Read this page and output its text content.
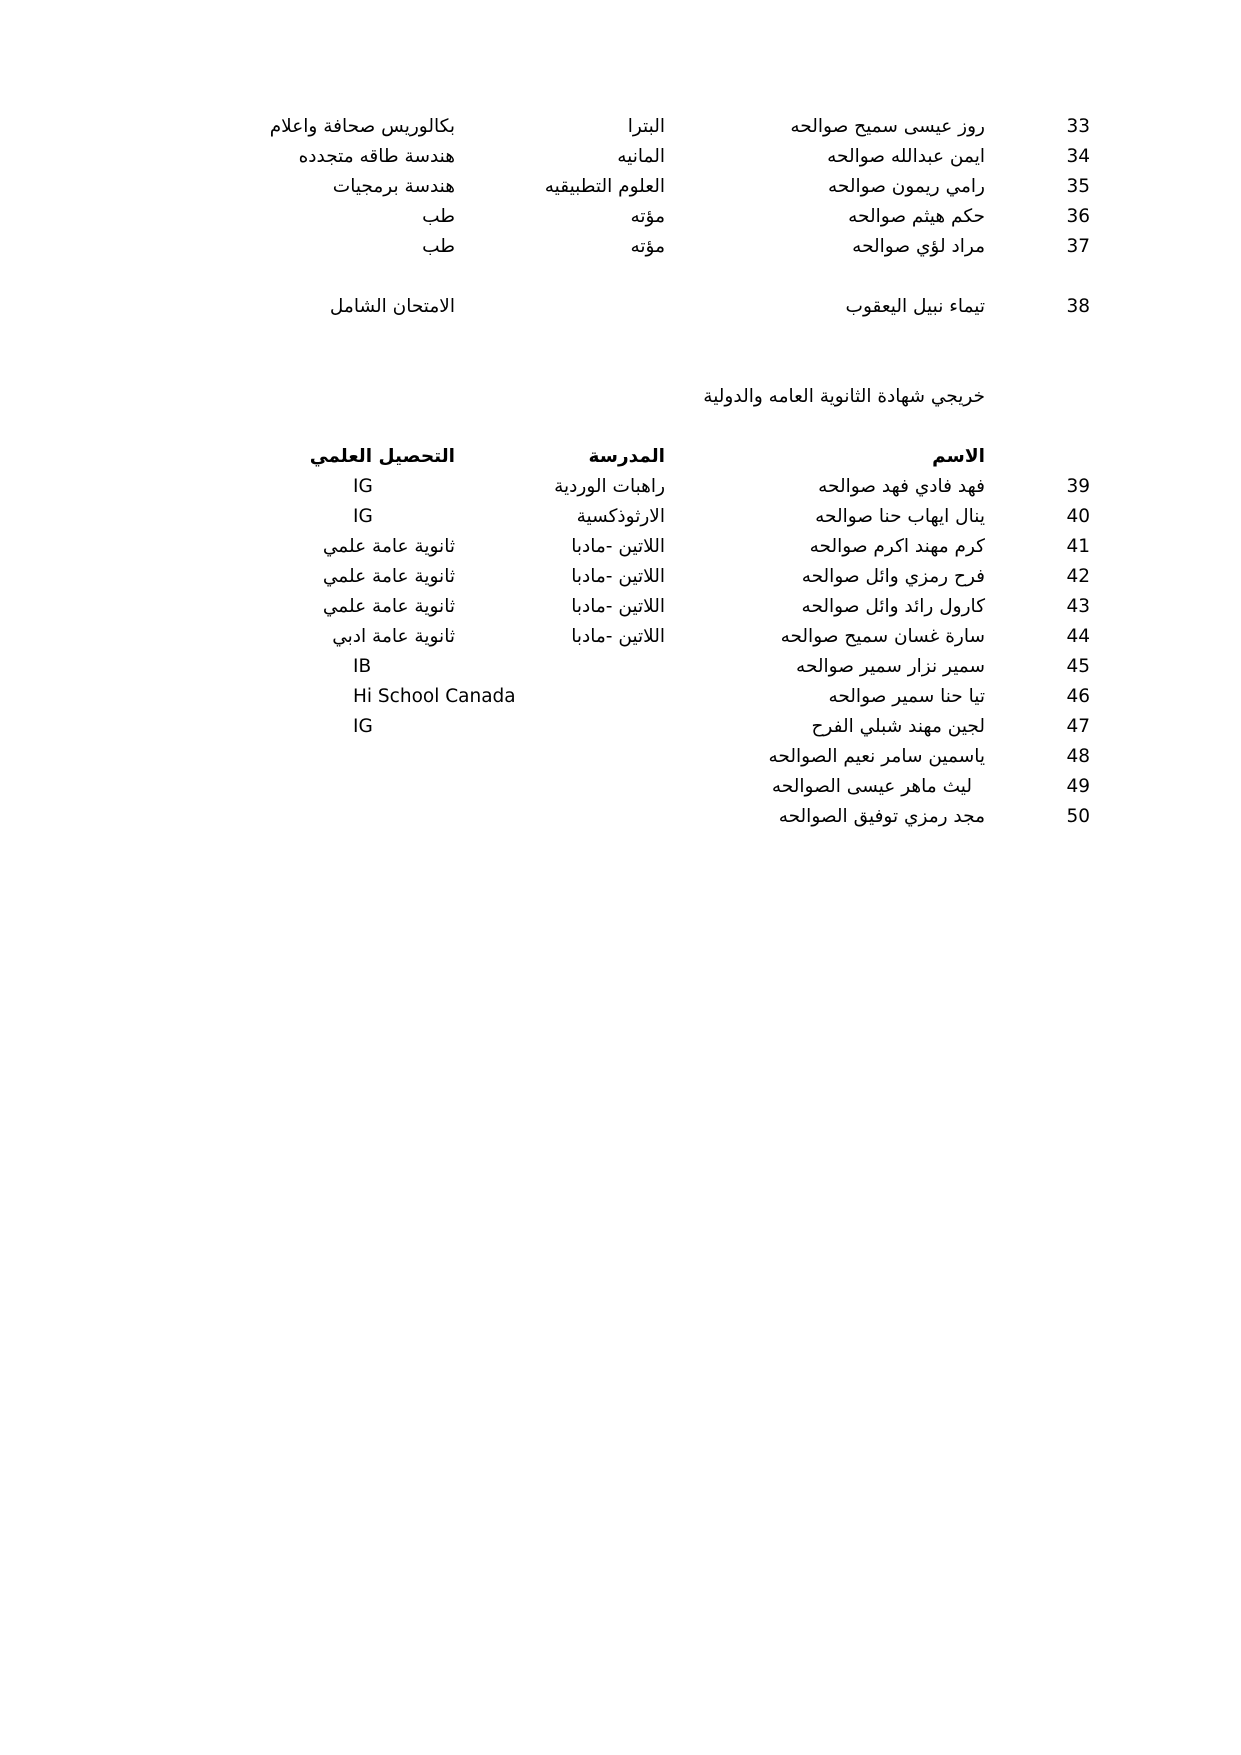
33
روز عيسى سميح صوالحه
البترا
بكالوريس صحافة واعلام
34
ايمن عبدالله صوالحه
المانيه
هندسة طاقه متجدده
35
رامي ريمون صوالحه
العلوم التطبيقيه
هندسة برمجيات
36
حكم هيثم صوالحه
مؤته
طب
37
مراد لؤي صوالحه
مؤته
طب
38
تيماء نبيل اليعقوب
الامتحان الشامل
خريجي شهادة الثانوية العامه والدولية
الاسم
المدرسة
التحصيل العلمي
39
فهد فادي فهد صوالحه
راهبات الوردية
IG
40
ينال ايهاب حنا صوالحه
الارثوذكسية
IG
41
كرم مهند اكرم صوالحه
اللاتين -مادبا
ثانوية عامة علمي
42
فرح رمزي وائل صوالحه
اللاتين -مادبا
ثانوية عامة علمي
43
كارول رائد وائل صوالحه
اللاتين -مادبا
ثانوية عامة علمي
44
سارة غسان سميح صوالحه
اللاتين -مادبا
ثانوية عامة ادبي
45
سمير نزار سمير صوالحه
IB
46
تيا حنا سمير صوالحه
Hi School Canada
47
لجين مهند شبلي الفرح
IG
48
ياسمين سامر نعيم الصوالحه
49
ليث ماهر عيسى الصوالحه
50
مجد رمزي توفيق الصوالحه
